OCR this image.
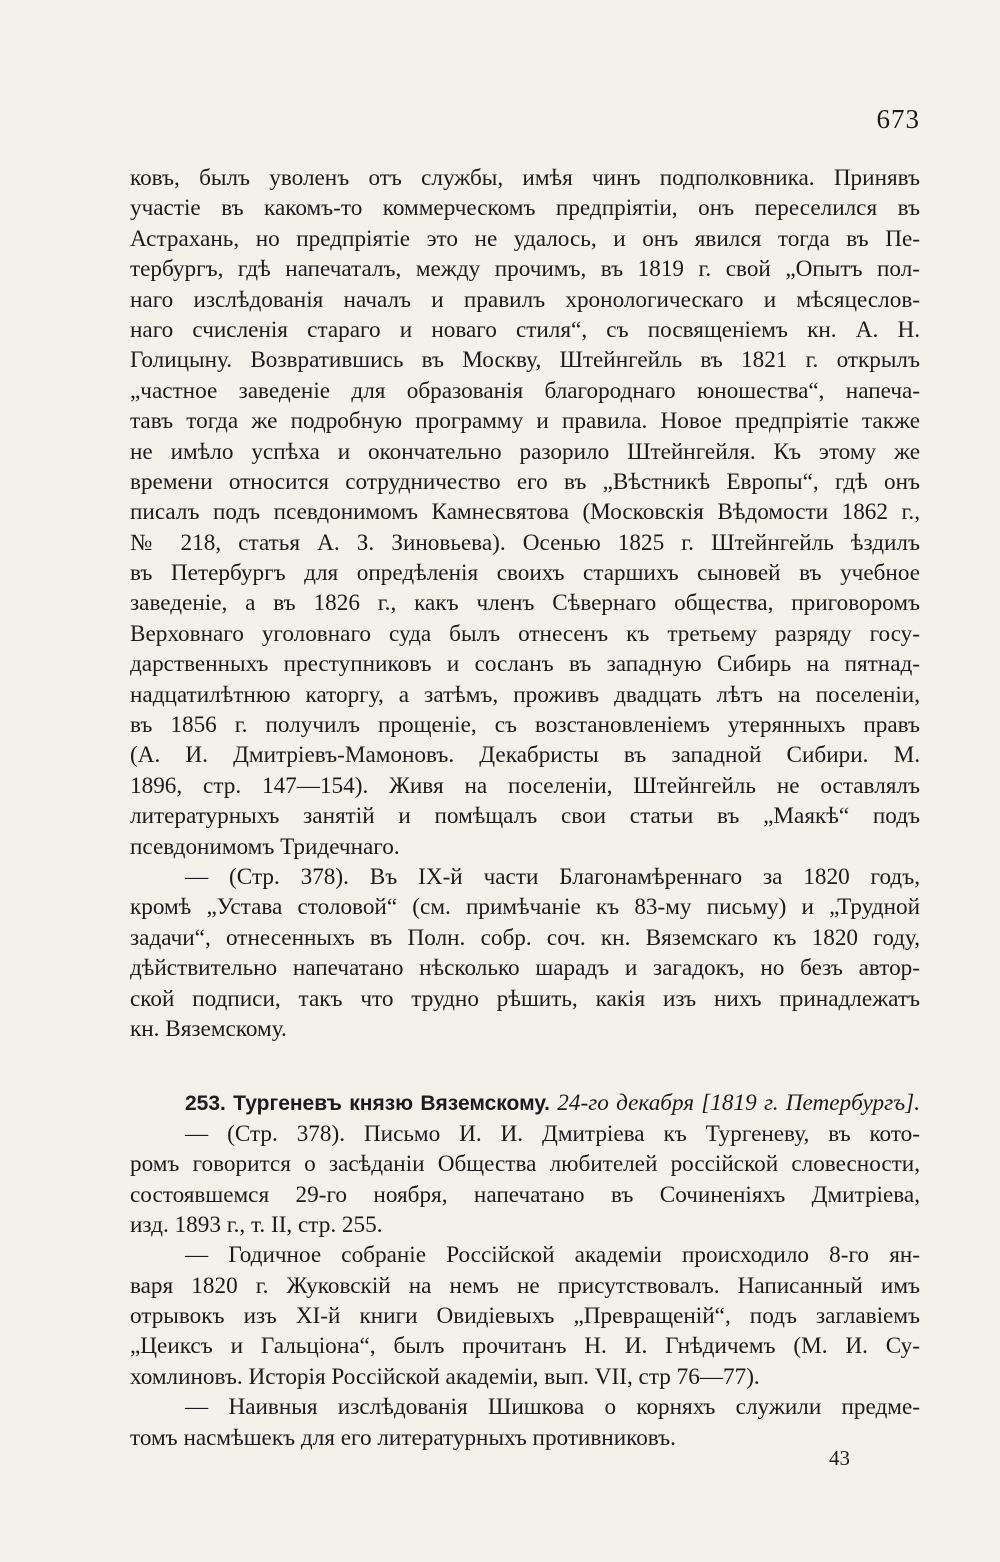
673
ковъ, былъ уволенъ отъ службы, имѣя чинъ подполковника. Принявъ
участіе въ какомъ-то коммерческомъ предпріятіи, онъ переселился въ
Астрахань, но предпріятіе это не удалось, и онъ явился тогда въ Пе-
тербургъ, гдѣ напечаталъ, между прочимъ, въ 1819 г. свой „Опытъ пол-
наго изслѣдованія началъ и правилъ хронологическаго и мѣсяцеслов-
наго счисленія стараго и новаго стиля“, съ посвященіемъ кн. А. Н.
Голицыну. Возвратившись въ Москву, Штейнгейль въ 1821 г. открылъ
„частное заведеніе для образованія благороднаго юношества“, напеча-
тавъ тогда же подробную программу и правила. Новое предпріятіе также
не имѣло успѣха и окончательно разорило Штейнгейля. Къ этому же
времени относится сотрудничество его въ „Вѣстникѣ Европы“, гдѣ онъ
писалъ подъ псевдонимомъ Камнесвятова (Московскія Вѣдомости 1862 г.,
№ 218, статья А. З. Зиновьева). Осенью 1825 г. Штейнгейль ѣздилъ
въ Петербургъ для опредѣленія своихъ старшихъ сыновей въ учебное
заведеніе, а въ 1826 г., какъ членъ Сѣвернаго общества, приговоромъ
Верховнаго уголовнаго суда былъ отнесенъ къ третьему разряду госу-
дарственныхъ преступниковъ и сосланъ въ западную Сибирь на пятнад-
надцатилѣтнюю каторгу, а затѣмъ, проживъ двадцать лѣтъ на поселеніи,
въ 1856 г. получилъ прощеніе, съ возстановленіемъ утерянныхъ правъ
(А. И. Дмитріевъ-Мамоновъ. Декабристы въ западной Сибири. М.
1896, стр. 147—154). Живя на поселеніи, Штейнгейль не оставлялъ
литературныхъ занятій и помѣщалъ свои статьи въ „Маякѣ“ подъ
псевдонимомъ Тридечнаго.
— (Стр. 378). Въ IX-й части Благонамѣреннаго за 1820 годъ,
кромѣ „Устава столовой“ (см. примѣчаніе къ 83-му письму) и „Трудной
задачи“, отнесенныхъ въ Полн. собр. соч. кн. Вяземскаго къ 1820 году,
дѣйствительно напечатано нѣсколько шарадъ и загадокъ, но безъ автор-
ской подписи, такъ что трудно рѣшить, какія изъ нихъ принадлежатъ
кн. Вяземскому.
253. Тургеневъ князю Вяземскому. 24-го декабря [1819 г. Петербургъ].
— (Стр. 378). Письмо И. И. Дмитріева къ Тургеневу, въ кото-
ромъ говорится о засѣданіи Общества любителей россійской словесности,
состоявшемся 29-го ноября, напечатано въ Сочиненіяхъ Дмитріева,
изд. 1893 г., т. II, стр. 255.
— Годичное собраніе Россійской академіи происходило 8-го ян-
варя 1820 г. Жуковскій на немъ не присутствовалъ. Написанный имъ
отрывокъ изъ XI-й книги Овидіевыхъ „Превращеній“, подъ заглавіемъ
„Цеиксъ и Гальціона“, былъ прочитанъ Н. И. Гнѣдичемъ (М. И. Су-
хомлиновъ. Исторія Россійской академіи, вып. VII, стр 76—77).
— Наивныя изслѣдованія Шишкова о корняхъ служили предме-
томъ насмѣшекъ для его литературныхъ противниковъ.
43
